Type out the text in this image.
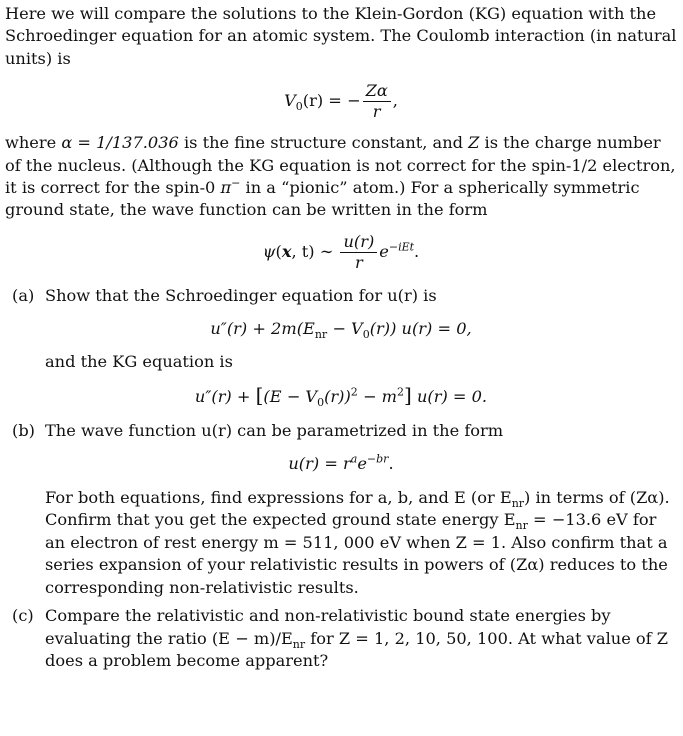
Here we will compare the solutions to the Klein-Gordon (KG) equation with the Schroedinger equation for an atomic system. The Coulomb interaction (in natural units) is

$V_0(r)$ = − $\frac{Z\alpha}{r}$ ,

where α = 1/137.036 is the fine structure constant, and Z is the charge number of the nucleus. (Although the KG equation is not correct for the spin-1/2 electron, it is correct for the spin-0 π− in a “pionic” atom.) For a spherically symmetric ground state, the wave function can be written in the form

ψ(x, t) ∼ $\frac{u(r)}{r} e^{-iEt}$.
(a) Show that the Schroedinger equation for u(r) is

$u''(r) + 2m(E_{nr} - V_0(r)) u(r) = 0$,

and the KG equation is

$u''(r) + [(E - V_0(r))^2 - m^2]$ u(r) = 0.
(b) The wave function u(r) can be parametrized in the form

$u(r) = r^ae^{-br}$.

For both equations, find expressions for a, b, and E (or $E_{nr}$) in terms of (Zα). Confirm that you get the expected ground state energy $E_{nr} = -13.6$ eV for an electron of rest energy m = 511, 000 eV when Z = 1. Also confirm that a series expansion of your relativistic results in powers of (Zα) reduces to the corresponding non-relativistic results.

(c) Compare the relativistic and non-relativistic bound state energies by evaluating the ratio $(E - m)/E_{nr}$ for Z = 1, 2, 10, 50, 100. At what value of Z does a problem become apparent?
